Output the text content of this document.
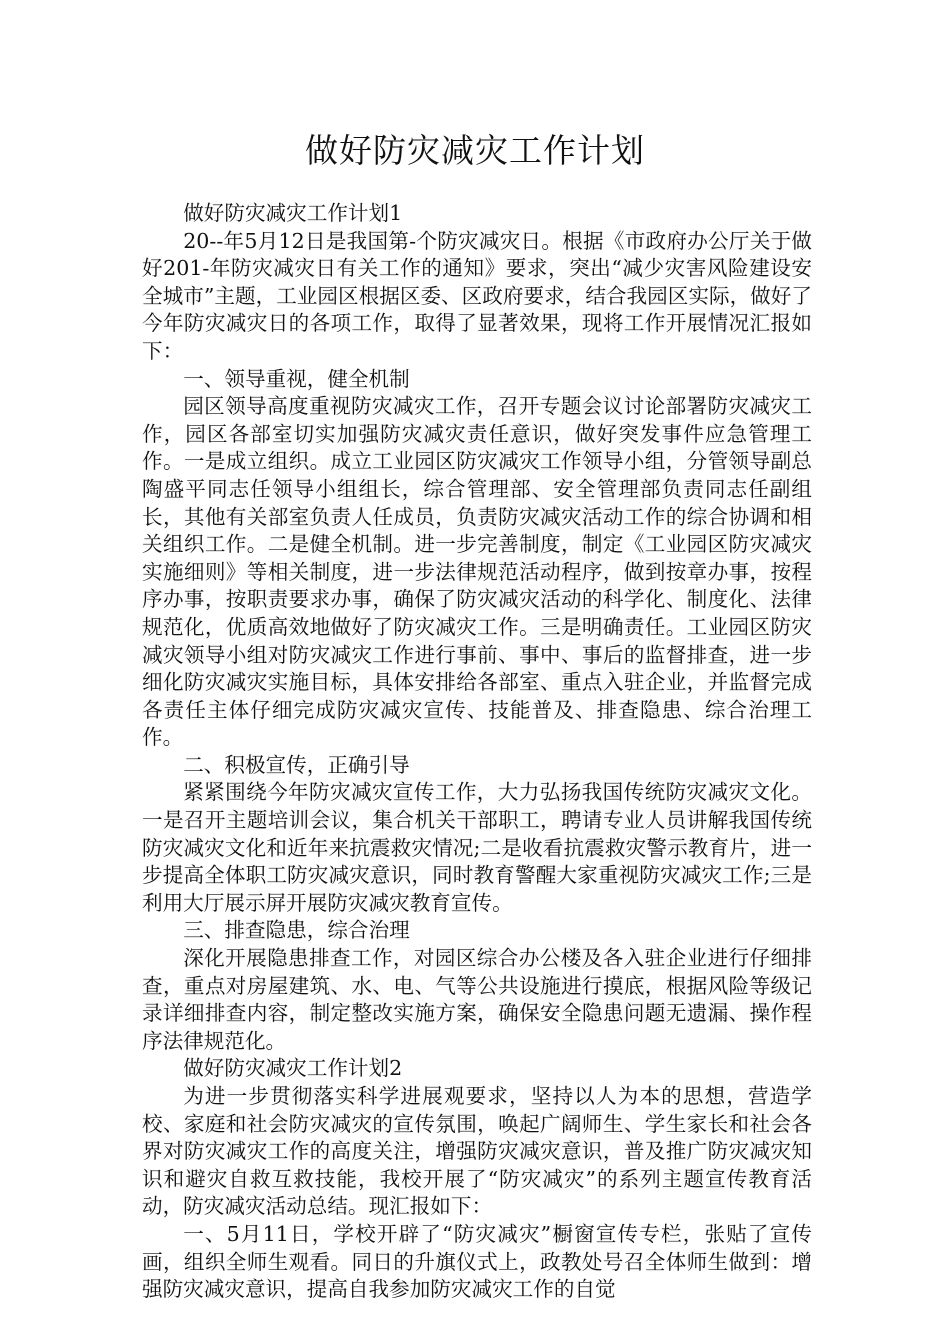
做好防灾减灾工作计划

做好防灾减灾工作计划1

20--年5月12日是我国第-个防灾减灾日。根据《市政府办公厅关于做好201-年防灾减灾日有关工作的通知》要求，突出“减少灾害风险建设安全城市”主题，工业园区根据区委、区政府要求，结合我园区实际，做好了今年防灾减灾日的各项工作，取得了显著效果，现将工作开展情况汇报如下：

一、领导重视，健全机制

园区领导高度重视防灾减灾工作，召开专题会议讨论部署防灾减灾工作，园区各部室切实加强防灾减灾责任意识，做好突发事件应急管理工作。一是成立组织。成立工业园区防灾减灾工作领导小组，分管领导副总陶盛平同志任领导小组组长，综合管理部、安全管理部负责同志任副组长，其他有关部室负责人任成员，负责防灾减灾活动工作的综合协调和相关组织工作。二是健全机制。进一步完善制度，制定《工业园区防灾减灾实施细则》等相关制度，进一步法律规范活动程序，做到按章办事，按程序办事，按职责要求办事，确保了防灾减灾活动的科学化、制度化、法律规范化，优质高效地做好了防灾减灾工作。三是明确责任。工业园区防灾减灾领导小组对防灾减灾工作进行事前、事中、事后的监督排查，进一步细化防灾减灾实施目标，具体安排给各部室、重点入驻企业，并监督完成各责任主体仔细完成防灾减灾宣传、技能普及、排查隐患、综合治理工作。

二、积极宣传，正确引导

紧紧围绕今年防灾减灾宣传工作，大力弘扬我国传统防灾减灾文化。一是召开主题培训会议，集合机关干部职工，聘请专业人员讲解我国传统防灾减灾文化和近年来抗震救灾情况;二是收看抗震救灾警示教育片，进一步提高全体职工防灾减灾意识，同时教育警醒大家重视防灾减灾工作;三是利用大厅展示屏开展防灾减灾教育宣传。

三、排查隐患，综合治理

深化开展隐患排查工作，对园区综合办公楼及各入驻企业进行仔细排查，重点对房屋建筑、水、电、气等公共设施进行摸底，根据风险等级记录详细排查内容，制定整改实施方案，确保安全隐患问题无遗漏、操作程序法律规范化。

做好防灾减灾工作计划2

为进一步贯彻落实科学进展观要求，坚持以人为本的思想，营造学校、家庭和社会防灾减灾的宣传氛围，唤起广阔师生、学生家长和社会各界对防灾减灾工作的高度关注，增强防灾减灾意识，普及推广防灾减灾知识和避灾自救互救技能，我校开展了“防灾减灾”的系列主题宣传教育活动，防灾减灾活动总结。现汇报如下：

一、5月11日，学校开辟了“防灾减灾”橱窗宣传专栏，张贴了宣传画，组织全师生观看。同日的升旗仪式上，政教处号召全体师生做到：增强防灾减灾意识，提高自我参加防灾减灾工作的自觉
